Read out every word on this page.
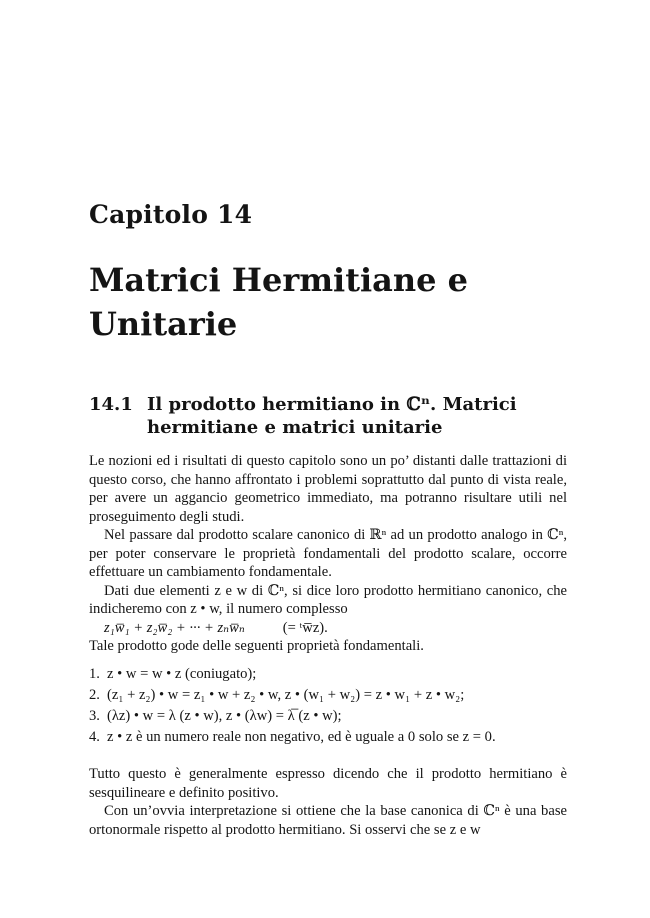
Capitolo 14
Matrici Hermitiane e Unitarie
14.1 Il prodotto hermitiano in ℂⁿ. Matrici hermitiane e matrici unitarie

Le nozioni ed i risultati di questo capitolo sono un po’ distanti dalle trattazioni di questo corso, che hanno affrontato i problemi soprattutto dal punto di vista reale, per avere un aggancio geometrico immediato, ma potranno risultare utili nel proseguimento degli studi.

Nel passare dal prodotto scalare canonico di ℝⁿ ad un prodotto analogo in ℂⁿ, per poter conservare le proprietà fondamentali del prodotto scalare, occorre effettuare un cambiamento fondamentale.

Dati due elementi z e w di ℂⁿ, si dice loro prodotto hermitiano canonico, che indicheremo con z • w, il numero complesso

z₁w̅₁ + z₂w̅₂ + ··· + zₙw̅ₙ	(= ᵗw̅z).

Tale prodotto gode delle seguenti proprietà fondamentali.

1. z • w = w • z (coniugato);
2. (z₁ + z₂) • w = z₁ • w + z₂ • w, z • (w₁ + w₂) = z • w₁ + z • w₂;
3. (λz) • w = λ (z • w), z • (λw) = λ̅ (z • w);
4. z • z è un numero reale non negativo, ed è uguale a 0 solo se z = 0.

Tutto questo è generalmente espresso dicendo che il prodotto hermitiano è sesquilineare e definito positivo.

Con un’ovvia interpretazione si ottiene che la base canonica di ℂⁿ è una base ortonormale rispetto al prodotto hermitiano. Si osservi che se z e w
